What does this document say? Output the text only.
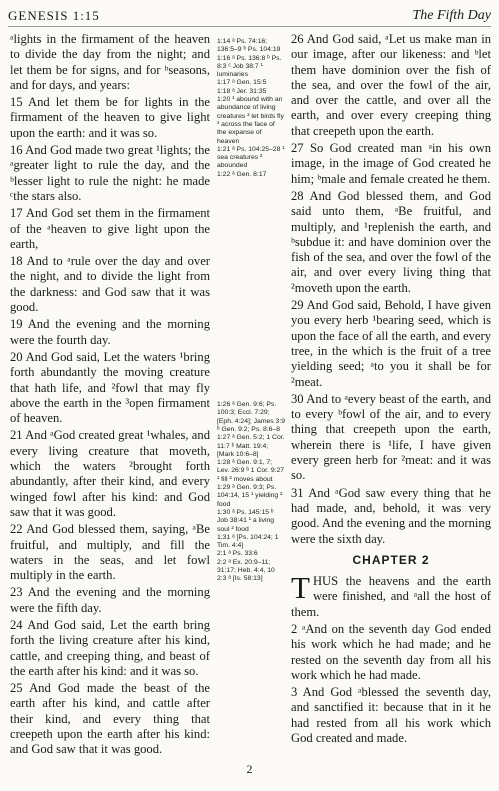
GENESIS 1:15	The Fifth Day

ᵃlights in the firmament of the heaven to divide the day from the night; and let them be for signs, and for ᵇseasons, and for days, and years:

15 And let them be for lights in the firmament of the heaven to give light upon the earth: and it was so.

16 And God made two great ¹lights; the ᵃgreater light to rule the day, and the ᵇlesser light to rule the night: he made ᶜthe stars also.

17 And God set them in the firmament of the ᵃheaven to give light upon the earth,

18 And to ᵃrule over the day and over the night, and to divide the light from the darkness: and God saw that it was good.

19 And the evening and the morning were the fourth day.

20 And God said, Let the waters ¹bring forth abundantly the moving creature that hath life, and ²fowl that may fly above the earth in the ³open firmament of heaven.

21 And ᵃGod created great ¹whales, and every living creature that moveth, which the waters ²brought forth abundantly, after their kind, and every winged fowl after his kind: and God saw that it was good.

22 And God blessed them, saying, ᵃBe fruitful, and multiply, and fill the waters in the seas, and let fowl multiply in the earth.

23 And the evening and the morning were the fifth day.

24 And God said, Let the earth bring forth the living creature after his kind, cattle, and creeping thing, and beast of the earth after his kind: and it was so.

25 And God made the beast of the earth after his kind, and cattle after their kind, and every thing that creepeth upon the earth after his kind: and God saw that it was good.

1:14 ᵃ Ps. 74:16; 136:5–9 ᵇ Ps. 104:19
1:16 ᵃ Ps. 136:8 ᵇ Ps. 8:3 ᶜ Job 38:7 ¹ luminaries
1:17 ᵃ Gen. 15:5
1:18 ᵃ Jer. 31:35
1:20 ¹ abound with an abundance of living creatures ² let birds fly ³ across the face of the expanse of heaven
1:21 ᵃ Ps. 104:25–28 ¹ sea creatures ² abounded
1:22 ᵃ Gen. 8:17
1:26 ᵃ Gen. 9:6; Ps. 100:3; Eccl. 7:29; [Eph. 4:24]; James 3:9 ᵇ Gen. 9:2; Ps. 8:6–8
1:27 ᵃ Gen. 5:2; 1 Cor. 11:7 ᵇ Matt. 19:4; [Mark 10:6–8]
1:28 ᵃ Gen. 9:1, 7; Lev. 26:9 ᵇ 1 Cor. 9:27 ¹ fill ² moves about
1:29 ᵃ Gen. 9:3; Ps. 104:14, 15 ¹ yielding ² food
1:30 ᵃ Ps. 145:15 ᵇ Job 38:41 ¹ a living soul ² food
1:31 ᵃ [Ps. 104:24; 1 Tim. 4:4]
2:1 ᵃ Ps. 33:6
2:2 ᵃ Ex. 20:9–11; 31:17; Heb. 4:4, 10
2:3 ᵃ [Is. 58:13]

26 And God said, ᵃLet us make man in our image, after our likeness: and ᵇlet them have dominion over the fish of the sea, and over the fowl of the air, and over the cattle, and over all the earth, and over every creeping thing that creepeth upon the earth.

27 So God created man ᵃin his own image, in the image of God created he him; ᵇmale and female created he them.

28 And God blessed them, and God said unto them, ᵃBe fruitful, and multiply, and ¹replenish the earth, and ᵇsubdue it: and have dominion over the fish of the sea, and over the fowl of the air, and over every living thing that ²moveth upon the earth.

29 And God said, Behold, I have given you every herb ¹bearing seed, which is upon the face of all the earth, and every tree, in the which is the fruit of a tree yielding seed; ᵃto you it shall be for ²meat.

30 And to ᵃevery beast of the earth, and to every ᵇfowl of the air, and to every thing that creepeth upon the earth, wherein there is ¹life, I have given every green herb for ²meat: and it was so.

31 And ᵃGod saw every thing that he had made, and, behold, it was very good. And the evening and the morning were the sixth day.

CHAPTER 2

THUS the heavens and the earth were finished, and ᵃall the host of them.

2 ᵃAnd on the seventh day God ended his work which he had made; and he rested on the seventh day from all his work which he had made.

3 And God ᵃblessed the seventh day, and sanctified it: because that in it he had rested from all his work which God created and made.

2
